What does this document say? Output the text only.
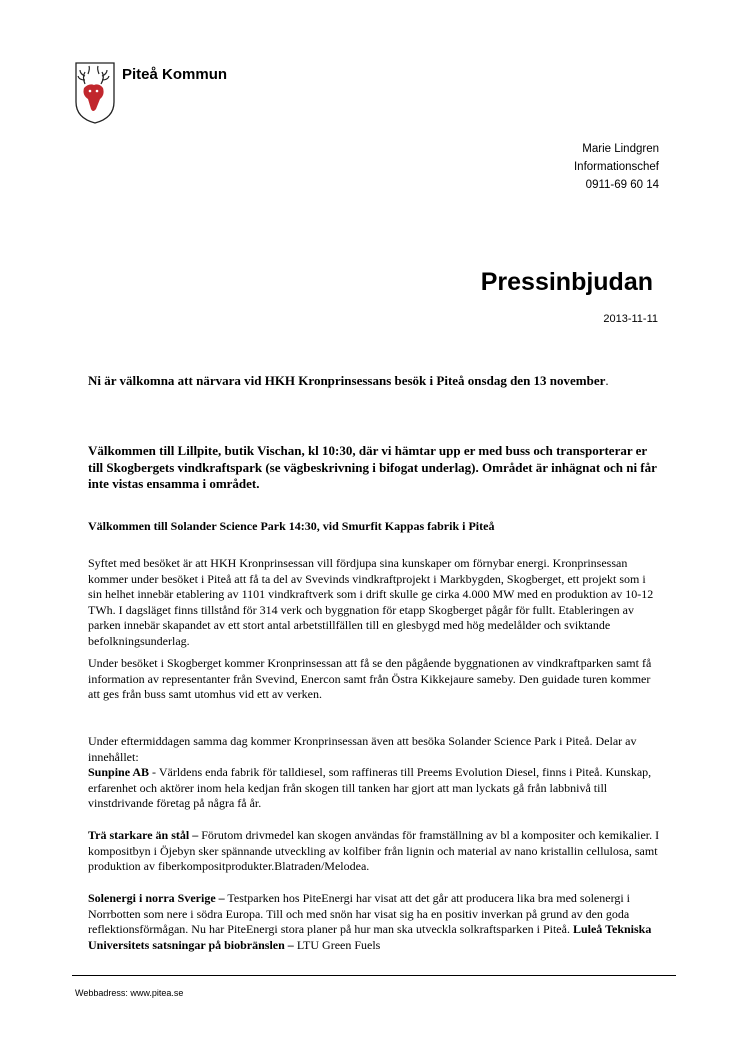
Piteå Kommun
Marie Lindgren
Informationschef
0911-69 60 14
Pressinbjudan
2013-11-11

Ni är välkomna att närvara vid HKH Kronprinsessans besök i Piteå onsdag den 13 november.

Välkommen till Lillpite, butik Vischan, kl 10:30, där vi hämtar upp er med buss och transporterar er till Skogbergets vindkraftspark (se vägbeskrivning i bifogat underlag). Området är inhägnat och ni får inte vistas ensamma i området.

Välkommen till Solander Science Park 14:30, vid Smurfit Kappas fabrik i Piteå
Syftet med besöket är att HKH Kronprinsessan vill fördjupa sina kunskaper om förnybar energi. Kronprinsessan kommer under besöket i Piteå att få ta del av Svevinds vindkraftprojekt i Markbygden, Skogberget, ett projekt som i sin helhet innebär etablering av 1101 vindkraftverk som i drift skulle ge cirka 4.000 MW med en produktion av 10-12 TWh. I dagsläget finns tillstånd för 314 verk och byggnation för etapp Skogberget pågår för fullt. Etableringen av parken innebär skapandet av ett stort antal arbetstillfällen till en glesbygd med hög medelålder och sviktande befolkningsunderlag.
Under besöket i Skogberget kommer Kronprinsessan att få se den pågående byggnationen av vindkraftparken samt få information av representanter från Svevind, Enercon samt från Östra Kikkejaure sameby. Den guidade turen kommer att ges från buss samt utomhus vid ett av verken.
Under eftermiddagen samma dag kommer Kronprinsessan även att besöka Solander Science Park i Piteå. Delar av innehållet:
Sunpine AB - Världens enda fabrik för talldiesel, som raffineras till Preems Evolution Diesel, finns i Piteå. Kunskap, erfarenhet och aktörer inom hela kedjan från skogen till tanken har gjort att man lyckats gå från labbnivå till vinstdrivande företag på några få år.
Trä starkare än stål – Förutom drivmedel kan skogen användas för framställning av bl a kompositer och kemikalier. I kompositbyn i Öjebyn sker spännande utveckling av kolfiber från lignin och material av nano kristallin cellulosa, samt produktion av fiberkompositprodukter.Blatraden/Melodea.
Solenergi i norra Sverige – Testparken hos PiteEnergi har visat att det går att producera lika bra med solenergi i Norrbotten som nere i södra Europa. Till och med snön har visat sig ha en positiv inverkan på grund av den goda reflektionsförmågan. Nu har PiteEnergi stora planer på hur man ska utveckla solkraftsparken i Piteå. Luleå Tekniska Universitets satsningar på biobränslen – LTU Green Fuels
Webbadress: www.pitea.se
